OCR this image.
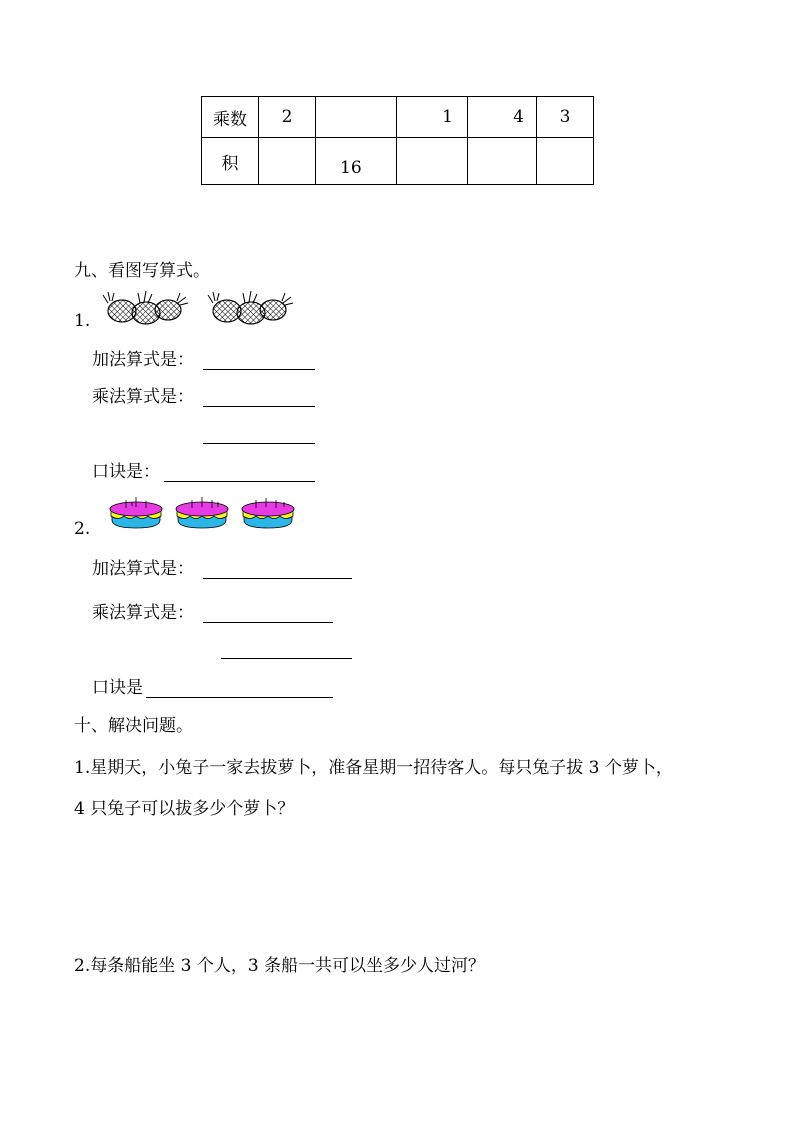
乘数	2		1	4	3
积		16			
九、看图写算式。
1.
加法算式是：
乘法算式是：
口诀是：
2.
加法算式是：
乘法算式是：
口诀是
十、解决问题。
1.星期天，小兔子一家去拔萝卜，准备星期一招待客人。每只兔子拔 3 个萝卜，
4 只兔子可以拔多少个萝卜？
2.每条船能坐 3 个人，3 条船一共可以坐多少人过河？
